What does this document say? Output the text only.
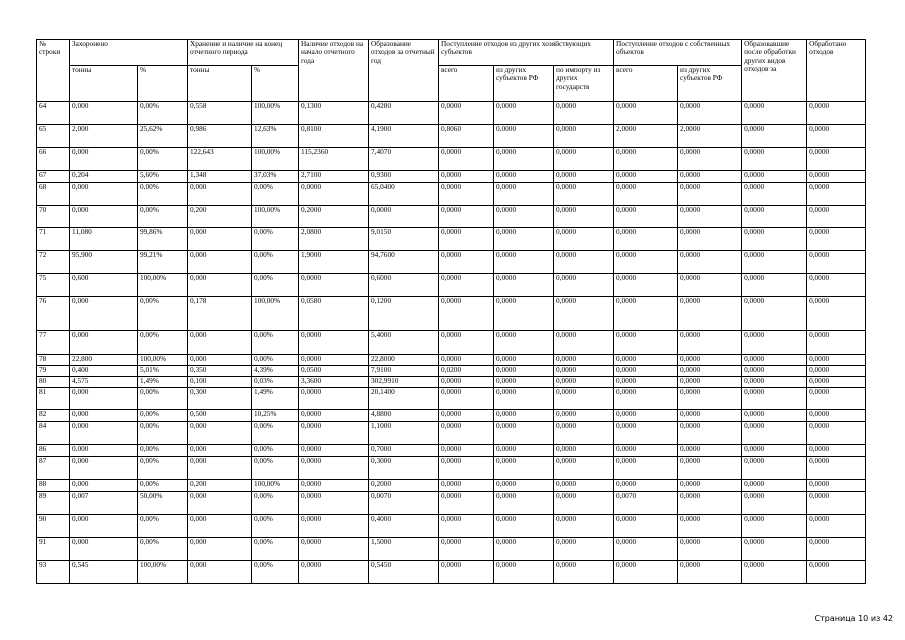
№ строки	Захоронено		Хранение и наличие на конец отчетного периода		Наличие отходов на начало отчетного года	Образование отходов за отчетный год	Поступление отходов из других хозяйствующих субъектов			Поступление отходов с собственных объектов		Образовавшие после обработки других видов отходов за	Обработано отходов
	тонны	%	тонны	%			всего	из других субъектов РФ	по импорту из других государств	всего	из других субъектов РФ		
64	0,000	0,00%	0,558	100,00%	0,1300	0,4280	0,0000	0,0000	0,0000	0,0000	0,0000	0,0000	0,0000
65	2,000	25,62%	0,986	12,63%	0,8100	4,1900	0,8060	0,0000	0,0000	2,0000	2,0000	0,0000	0,0000
66	0,000	0,00%	122,643	100,00%	115,2360	7,4070	0,0000	0,0000	0,0000	0,0000	0,0000	0,0000	0,0000
67	0,204	5,60%	1,348	37,03%	2,7100	0,9300	0,0000	0,0000	0,0000	0,0000	0,0000	0,0000	0,0000
68	0,000	0,00%	0,000	0,00%	0,0000	65,0400	0,0000	0,0000	0,0000	0,0000	0,0000	0,0000	0,0000
70	0,000	0,00%	0,200	100,00%	0,2000	0,0000	0,0000	0,0000	0,0000	0,0000	0,0000	0,0000	0,0000
71	11,080	99,86%	0,000	0,00%	2,0800	9,0150	0,0000	0,0000	0,0000	0,0000	0,0000	0,0000	0,0000
72	95,900	99,21%	0,000	0,00%	1,9000	94,7600	0,0000	0,0000	0,0000	0,0000	0,0000	0,0000	0,0000
75	0,600	100,00%	0,000	0,00%	0,0000	0,6000	0,0000	0,0000	0,0000	0,0000	0,0000	0,0000	0,0000
76	0,000	0,00%	0,178	100,00%	0,0580	0,1200	0,0000	0,0000	0,0000	0,0000	0,0000	0,0000	0,0000
77	0,000	0,00%	0,000	0,00%	0,0000	5,4000	0,0000	0,0000	0,0000	0,0000	0,0000	0,0000	0,0000
78	22,800	100,00%	0,000	0,00%	0,0000	22,8000	0,0000	0,0000	0,0000	0,0000	0,0000	0,0000	0,0000
79	0,400	5,01%	0,350	4,39%	0,0500	7,9100	0,0200	0,0000	0,0000	0,0000	0,0000	0,0000	0,0000
80	4,575	1,49%	0,100	0,03%	3,3600	302,9910	0,0000	0,0000	0,0000	0,0000	0,0000	0,0000	0,0000
81	0,000	0,00%	0,300	1,49%	0,0000	20,1400	0,0000	0,0000	0,0000	0,0000	0,0000	0,0000	0,0000
82	0,000	0,00%	0,500	10,25%	0,0000	4,8800	0,0000	0,0000	0,0000	0,0000	0,0000	0,0000	0,0000
84	0,000	0,00%	0,000	0,00%	0,0000	1,1000	0,0000	0,0000	0,0000	0,0000	0,0000	0,0000	0,0000
86	0,000	0,00%	0,000	0,00%	0,0000	0,7000	0,0000	0,0000	0,0000	0,0000	0,0000	0,0000	0,0000
87	0,000	0,00%	0,000	0,00%	0,0000	0,3000	0,0000	0,0000	0,0000	0,0000	0,0000	0,0000	0,0000
88	0,000	0,00%	0,200	100,00%	0,0000	0,2000	0,0000	0,0000	0,0000	0,0000	0,0000	0,0000	0,0000
89	0,007	50,00%	0,000	0,00%	0,0000	0,0070	0,0000	0,0000	0,0000	0,0070	0,0000	0,0000	0,0000
90	0,000	0,00%	0,000	0,00%	0,0000	0,4000	0,0000	0,0000	0,0000	0,0000	0,0000	0,0000	0,0000
91	0,000	0,00%	0,000	0,00%	0,0000	1,5000	0,0000	0,0000	0,0000	0,0000	0,0000	0,0000	0,0000
93	0,545	100,00%	0,000	0,00%	0,0000	0,5450	0,0000	0,0000	0,0000	0,0000	0,0000	0,0000	0,0000
Страница 10 из 42
